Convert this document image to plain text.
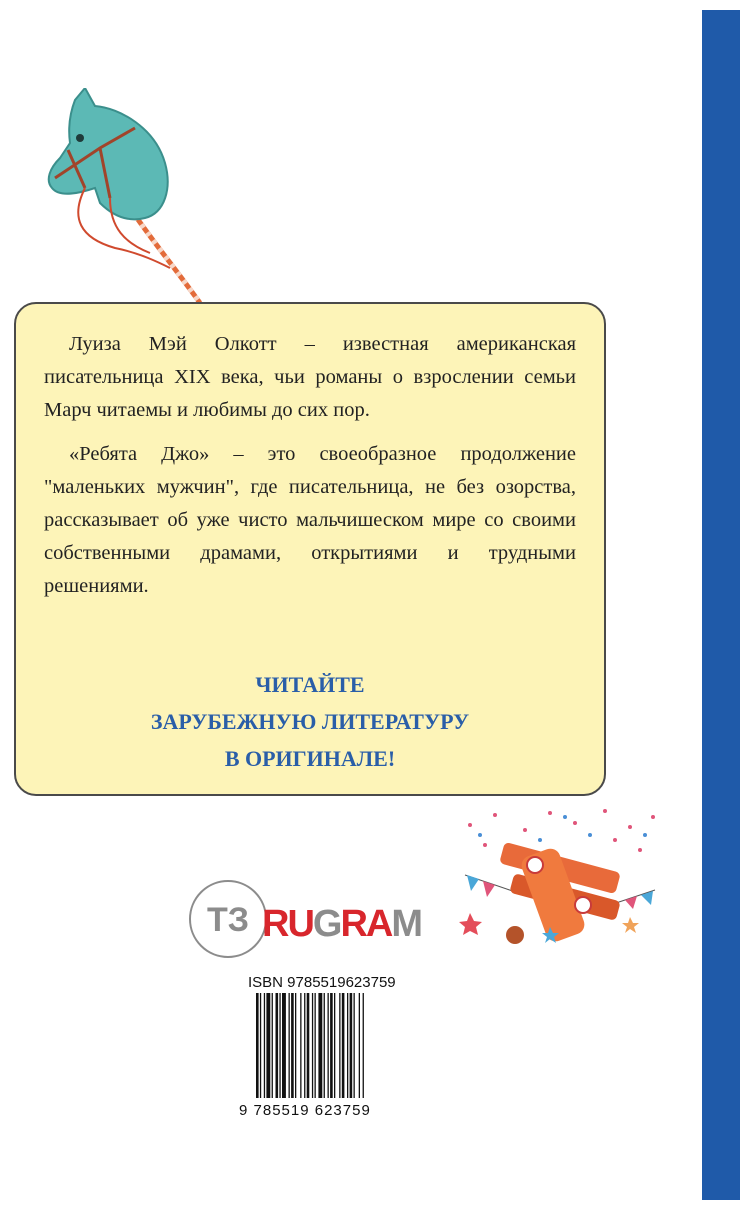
Луиза Мэй Олкотт – известная американская писательница XIX века, чьи романы о взрослении семьи Марч читаемы и любимы до сих пор.

«Ребята Джо» – это своеобразное продолжение "маленьких мужчин", где писательница, не без озорства, рассказывает об уже чисто мальчишеском мире со своими собственными драмами, открытиями и трудными решениями.

ЧИТАЙТЕ
ЗАРУБЕЖНУЮ ЛИТЕРАТУРУ
В ОРИГИНАЛЕ!
ТЗ RUGRAM
ISBN 9785519623759
9 785519 623759
